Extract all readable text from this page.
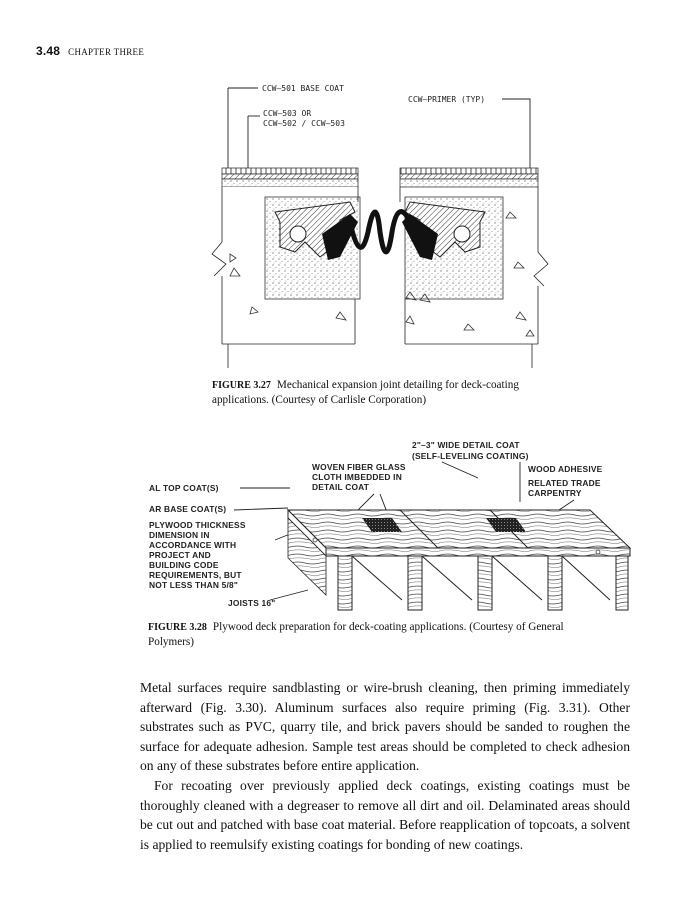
3.48 CHAPTER THREE
CCW–501 BASE COAT
CCW–PRIMER (TYP)
CCW–503 OR
CCW–502 / CCW–503
FIGURE 3.27 Mechanical expansion joint detailing for deck-coating
applications. (Courtesy of Carlisle Corporation)
2"–3" WIDE DETAIL COAT
(SELF-LEVELING COATING)
WOVEN FIBER GLASS
CLOTH IMBEDDED IN
DETAIL COAT
WOOD ADHESIVE
RELATED TRADE
CARPENTRY
AL TOP COAT(S)
AR BASE COAT(S)
PLYWOOD THICKNESS
DIMENSION IN
ACCORDANCE WITH
PROJECT AND
BUILDING CODE
REQUIREMENTS, BUT
NOT LESS THAN 5/8"
JOISTS 16"
FIGURE 3.28 Plywood deck preparation for deck-coating applications. (Courtesy of General
Polymers)

Metal surfaces require sandblasting or wire-brush cleaning, then priming immediately afterward (Fig. 3.30). Aluminum surfaces also require priming (Fig. 3.31). Other substrates such as PVC, quarry tile, and brick pavers should be sanded to roughen the surface for adequate adhesion. Sample test areas should be completed to check adhesion on any of these substrates before entire application.

For recoating over previously applied deck coatings, existing coatings must be thoroughly cleaned with a degreaser to remove all dirt and oil. Delaminated areas should be cut out and patched with base coat material. Before reapplication of topcoats, a solvent is applied to reemulsify existing coatings for bonding of new coatings.
